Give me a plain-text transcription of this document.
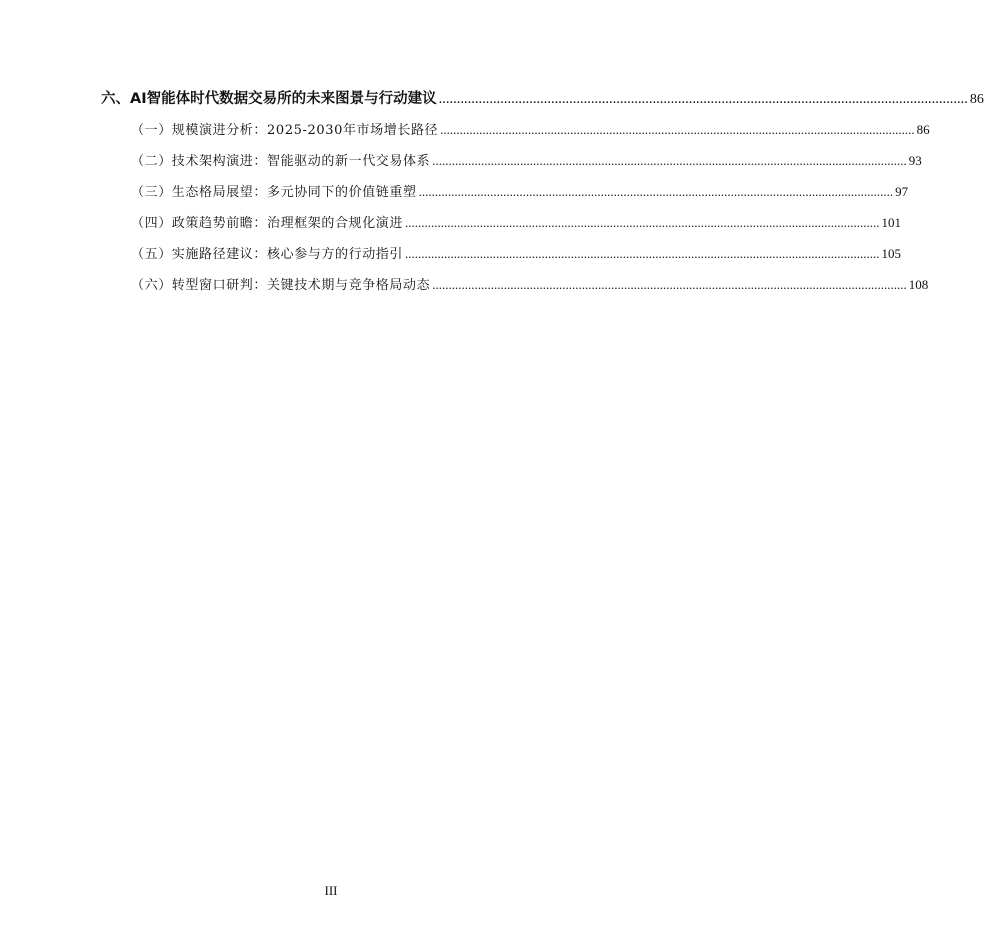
六、AI智能体时代数据交易所的未来图景与行动建议 .....	86
（一）规模演进分析：2025-2030年市场增长路径 .....	86
（二）技术架构演进：智能驱动的新一代交易体系 .....	93
（三）生态格局展望：多元协同下的价值链重塑 .....	97
（四）政策趋势前瞻：治理框架的合规化演进 .....	101
（五）实施路径建议：核心参与方的行动指引 .....	105
（六）转型窗口研判：关键技术期与竞争格局动态 .....	108
III
